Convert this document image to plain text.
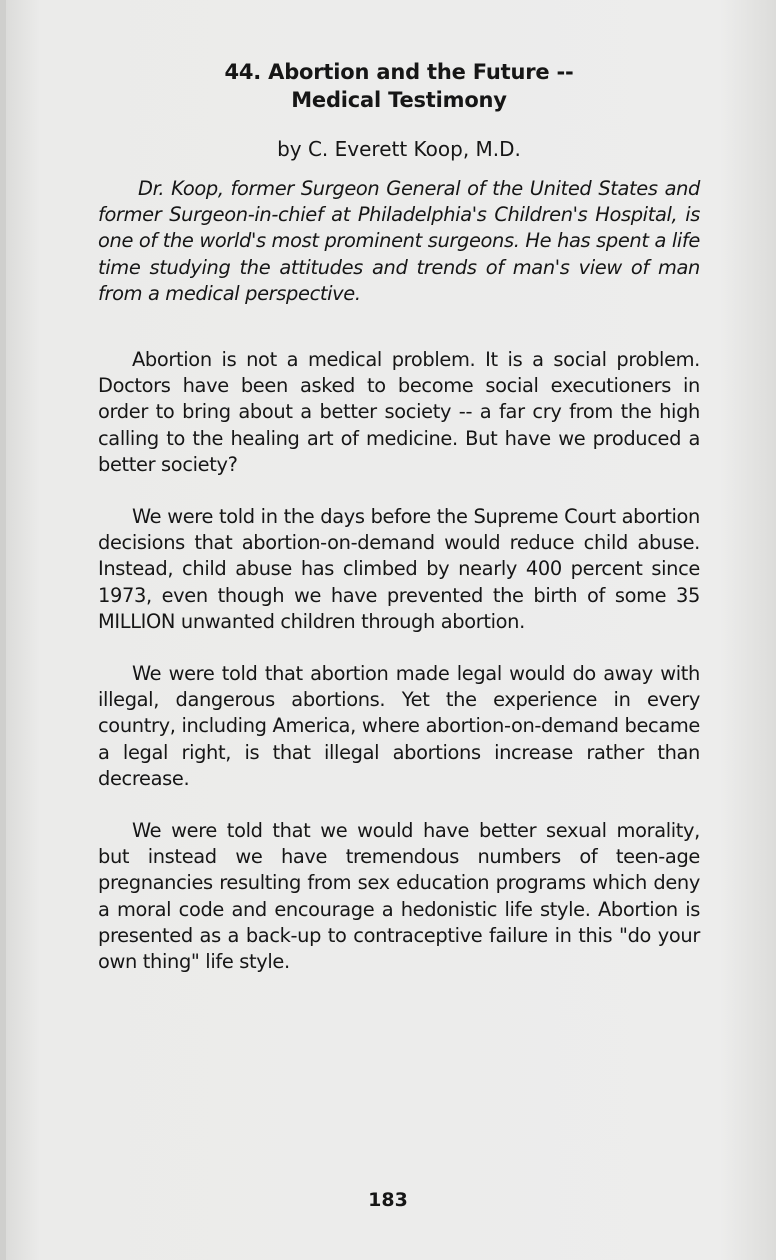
44. Abortion and the Future --
Medical Testimony
by C. Everett Koop, M.D.

Dr. Koop, former Surgeon General of the United States and former Surgeon-in-chief at Philadelphia's Children's Hospital, is one of the world's most prominent surgeons. He has spent a life time studying the attitudes and trends of man's view of man from a medical perspective.

Abortion is not a medical problem. It is a social problem. Doctors have been asked to become social executioners in order to bring about a better society -- a far cry from the high calling to the healing art of medicine. But have we produced a better society?

We were told in the days before the Supreme Court abortion decisions that abortion-on-demand would reduce child abuse. Instead, child abuse has climbed by nearly 400 percent since 1973, even though we have prevented the birth of some 35 MILLION unwanted children through abortion.

We were told that abortion made legal would do away with illegal, dangerous abortions. Yet the experience in every country, including America, where abortion-on-demand became a legal right, is that illegal abortions increase rather than decrease.

We were told that we would have better sexual morality, but instead we have tremendous numbers of teen-age pregnancies resulting from sex education programs which deny a moral code and encourage a hedonistic life style. Abortion is presented as a back-up to contraceptive failure in this "do your own thing" life style.

183
